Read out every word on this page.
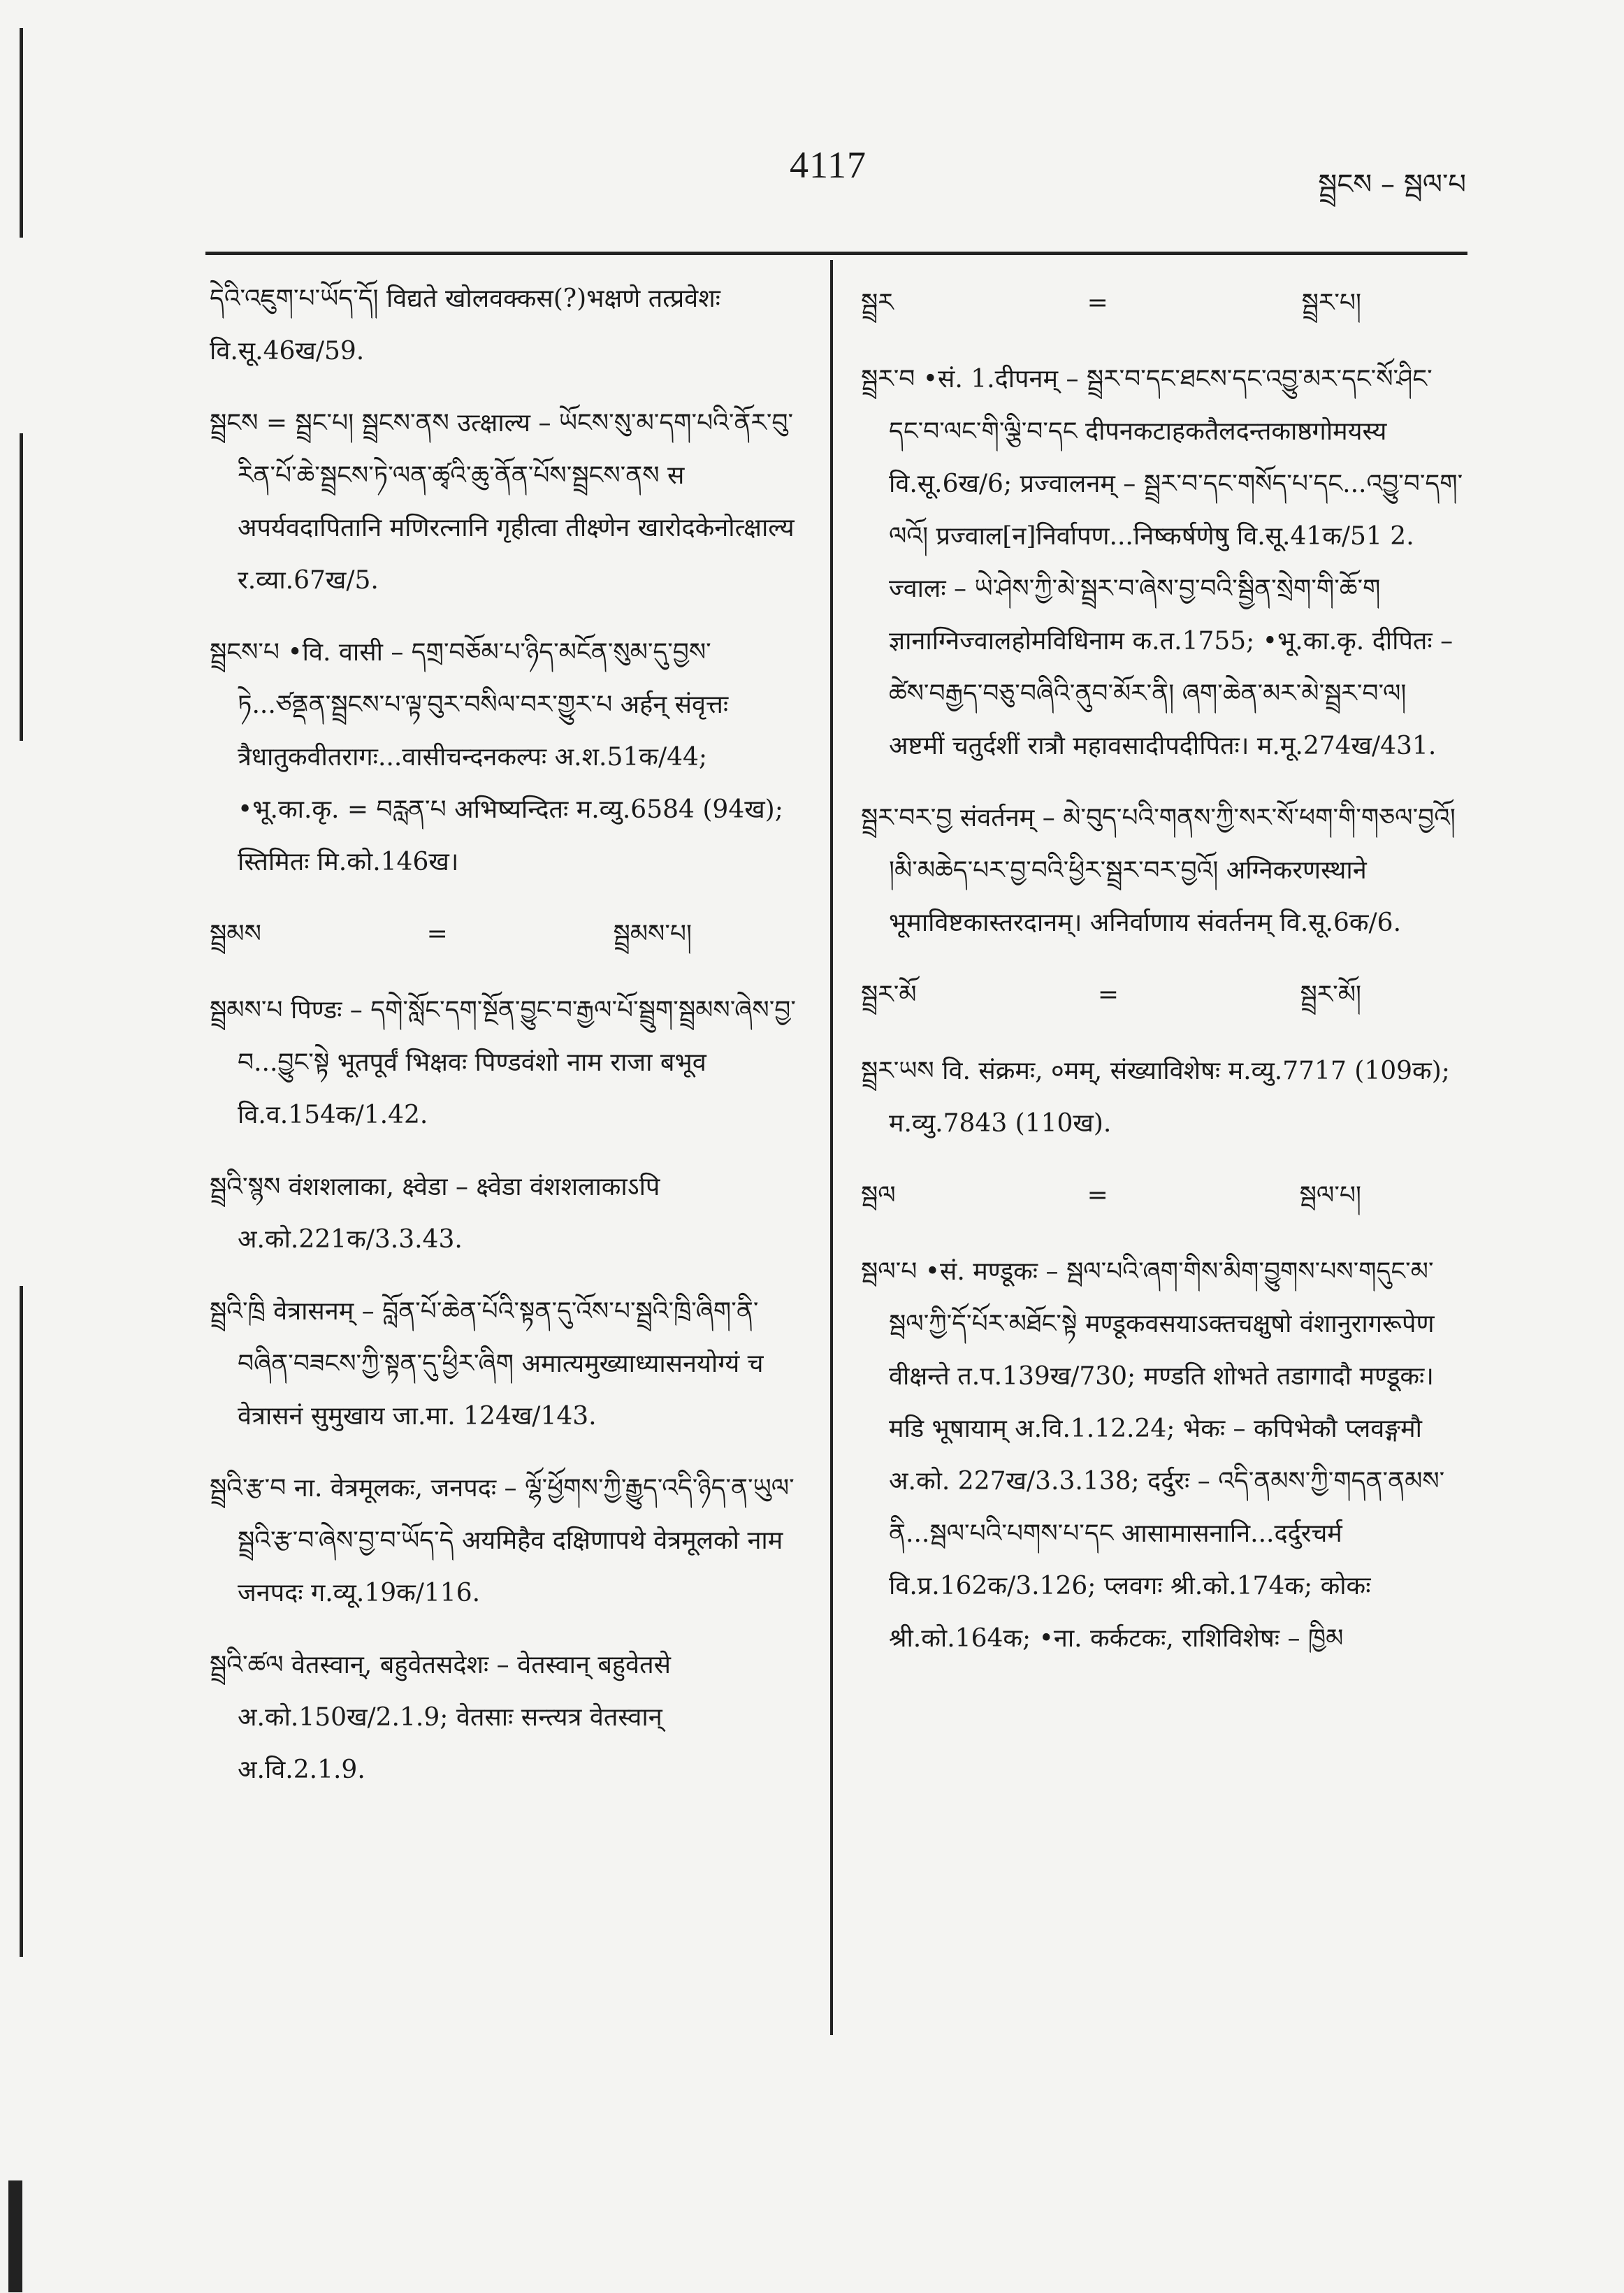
4117	སྦྲངས – སྦལ་པ
དེའི་འཇུག་པ་ཡོད་དོ། विद्यते खोलवक्कस(?)भक्षणे तत्प्रवेशः वि.सू.46ख/59.
སྦྲངས = སྦྲང་པ། སྦྲངས་ནས उत्क्षाल्य – ཡོངས་སུ་མ་དག་པའི་ནོར་བུ་རིན་པོ་ཆེ་སྦྲངས་ཏེ་ལན་ཚྭའི་ཆུ་ནོན་པོས་སྦྲངས་ནས स अपर्यवदापितानि मणिरत्नानि गृहीत्वा तीक्ष्णेन खारोदकेनोत्क्षाल्य र.व्या.67ख/5.
སྦྲངས་པ •वि. वासी – དགྲ་བཅོམ་པ་ཉིད་མངོན་སུམ་དུ་བྱས་ཏེ...ཙནྡན་སྦྲངས་པ་ལྟ་བུར་བསིལ་བར་གྱུར་པ अर्हन् संवृत्तः त्रैधातुकवीतरागः...वासीचन्दनकल्पः अ.श.51क/44; •भू.का.कृ. = བརླན་པ अभिष्यन्दितः म.व्यु.6584 (94ख); स्तिमितः मि.को.146ख।
སྦྲམས	=	སྦྲམས་པ།
སྦྲམས་པ पिण्डः – དགེ་སློང་དག་སྔོན་བྱུང་བ་རྒྱལ་པོ་སྦྲུག་སྦྲམས་ཞེས་བྱ་བ...བྱུང་སྟེ भूतपूर्वं भिक्षवः पिण्डवंशो नाम राजा बभूव वि.व.154क/1.42.
སྦྲའི་སྙས वंशशलाका, क्ष्वेडा – क्ष्वेडा वंशशलाकाऽपि अ.को.221क/3.3.43.
སྦྲའི་ཁྲི वेत्रासनम् – བློན་པོ་ཆེན་པོའི་སྟན་དུ་འོས་པ་སྦྲའི་ཁྲི་ཞིག་ནི་བཞིན་བཟངས་ཀྱི་སྟན་དུ་ཕྱིར་ཞིག अमात्यमुख्याध्यासनयोग्यं च वेत्रासनं सुमुखाय जा.मा. 124ख/143.
སྦྲའི་རྩ་བ ना. वेत्रमूलकः, जनपदः – ལྷོ་ཕྱོགས་ཀྱི་རྒྱུད་འདི་ཉིད་ན་ཡུལ་སྦྲའི་རྩ་བ་ཞེས་བྱ་བ་ཡོད་དེ अयमिहैव दक्षिणापथे वेत्रमूलको नाम जनपदः ग.व्यू.19क/116.
སྦྲའི་ཚལ वेतस्वान्, बहुवेतसदेशः – वेतस्वान् बहुवेतसे अ.को.150ख/2.1.9; वेतसाः सन्त्यत्र वेतस्वान् अ.वि.2.1.9.
སྦྲར	=	སྦྲར་པ།
སྦྲར་བ •सं. 1.दीपनम् – སྦྲར་བ་དང་ཐངས་དང་འབྱུ་མར་དང་སོ་ཤིང་དང་བ་ལང་གི་ལྕི་བ་དང दीपनकटाहकतैलदन्तकाष्ठगोमयस्य वि.सू.6ख/6; प्रज्वालनम् – སྦྲར་བ་དང་གསོད་པ་དང...འབྱུ་བ་དག་ལའོ། प्रज्वाल[न]निर्वापण...निष्कर्षणेषु वि.सू.41क/51 2. ज्वालः – ཡེ་ཤེས་ཀྱི་མེ་སྦྲར་བ་ཞེས་བྱ་བའི་སྦྱིན་སྲེག་གི་ཆོ་ག ज्ञानाग्निज्वालहोमविधिनाम क.त.1755; •भू.का.कृ. दीपितः – ཚེས་བརྒྱད་བཅུ་བཞིའི་ནུབ་མོར་ནི། ཞག་ཆེན་མར་མེ་སྦྲར་བ་ལ། अष्टमीं चतुर्दशीं रात्रौ महावसादीपदीपितः। म.मू.274ख/431.
སྦྲར་བར་བྱ संवर्तनम् – མེ་བུད་པའི་གནས་ཀྱི་སར་སོ་ཕག་གི་གཅལ་བྱའོ། །མི་མཆེད་པར་བྱ་བའི་ཕྱིར་སྦྲར་བར་བྱའོ། अग्निकरणस्थाने भूमाविष्टकास्तरदानम्। अनिर्वाणाय संवर्तनम् वि.सू.6क/6.
སྦྲར་མོ	=	སྦྲར་མོ།
སྦྲར་ཡས वि. संक्रमः, ०मम्, संख्याविशेषः म.व्यु.7717 (109क); म.व्यु.7843 (110ख).
སྦལ	=	སྦལ་པ།
སྦལ་པ •सं. मण्डूकः – སྦལ་པའི་ཞག་གིས་མིག་བྱུགས་པས་གདུང་མ་སྦལ་ཀྱི་དོ་པོར་མཐོང་སྟེ मण्डूकवसयाऽक्तचक्षुषो वंशानुरागरूपेण वीक्षन्ते त.प.139ख/730; मण्डति शोभते तडागादौ मण्डूकः। मडि भूषायाम् अ.वि.1.12.24; भेकः – कपिभेकौ प्लवङ्गमौ अ.को. 227ख/3.3.138; दर्दुरः – འདི་ནམས་ཀྱི་གདན་ནམས་ནི...སྦལ་པའི་པགས་པ་དང आसामासनानि...दर्दुरचर्म वि.प्र.162क/3.126; प्लवगः श्री.को.174क; कोकः श्री.को.164क; •ना. कर्कटकः, राशिविशेषः – ཁྱིམ
